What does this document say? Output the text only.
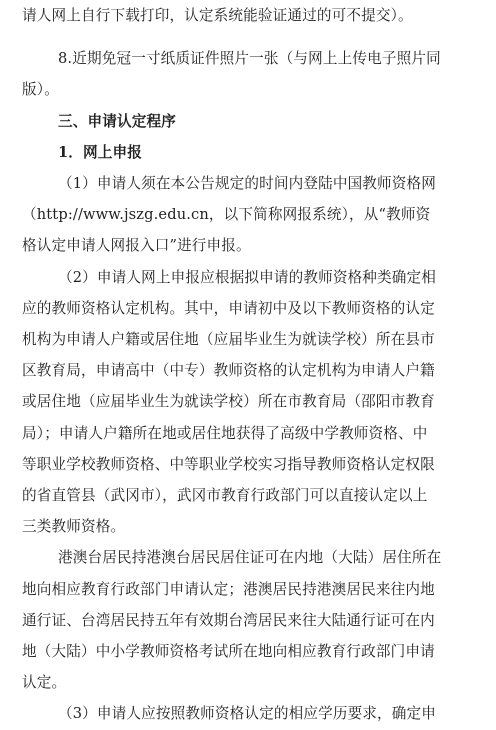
请人网上自行下载打印，认定系统能验证通过的可不提交）。
8.近期免冠一寸纸质证件照片一张（与网上上传电子照片同
版）。
三、申请认定程序
1．网上申报
（1）申请人须在本公告规定的时间内登陆中国教师资格网
（http://www.jszg.edu.cn，以下简称网报系统），从“教师资
格认定申请人网报入口”进行申报。
（2）申请人网上申报应根据拟申请的教师资格种类确定相
应的教师资格认定机构。其中，申请初中及以下教师资格的认定
机构为申请人户籍或居住地（应届毕业生为就读学校）所在县市
区教育局，申请高中（中专）教师资格的认定机构为申请人户籍
或居住地（应届毕业生为就读学校）所在市教育局（邵阳市教育
局）；申请人户籍所在地或居住地获得了高级中学教师资格、中
等职业学校教师资格、中等职业学校实习指导教师资格认定权限
的省直管县（武冈市），武冈市教育行政部门可以直接认定以上
三类教师资格。
港澳台居民持港澳台居民居住证可在内地（大陆）居住所在
地向相应教育行政部门申请认定；港澳居民持港澳居民来往内地
通行证、台湾居民持五年有效期台湾居民来往大陆通行证可在内
地（大陆）中小学教师资格考试所在地向相应教育行政部门申请
认定。
（3）申请人应按照教师资格认定的相应学历要求，确定申
